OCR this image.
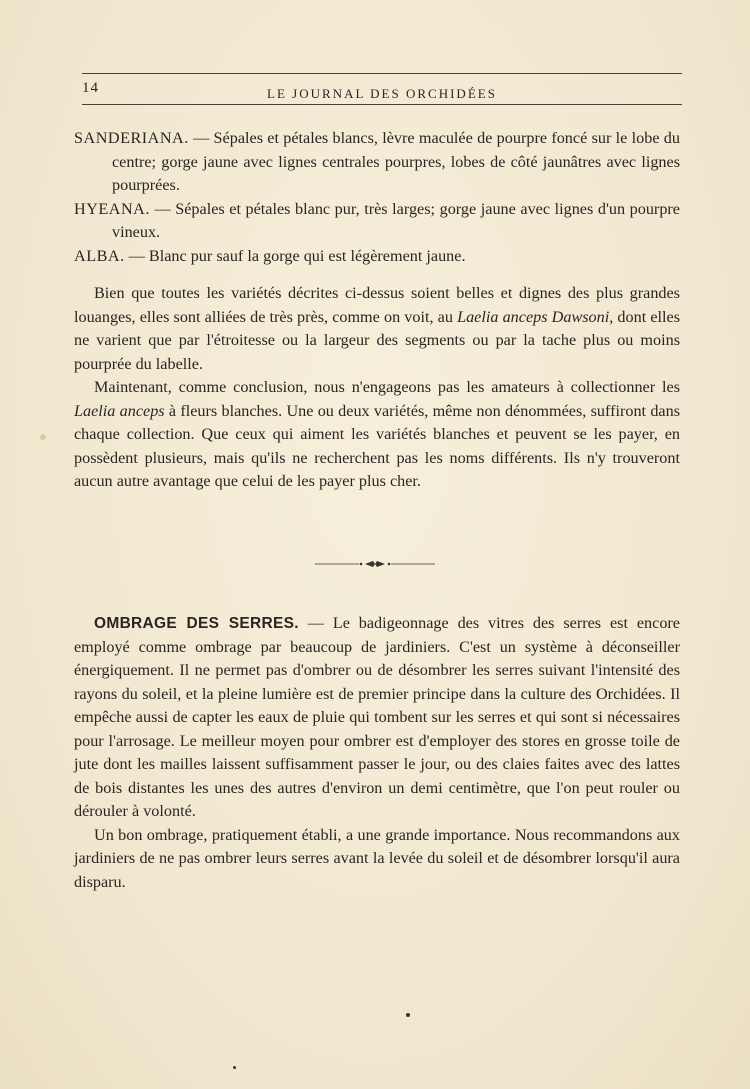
14	LE JOURNAL DES ORCHIDÉES

SANDERIANA. — Sépales et pétales blancs, lèvre maculée de pourpre foncé sur le lobe du centre; gorge jaune avec lignes centrales pourpres, lobes de côté jaunâtres avec lignes pourprées.

HYEANA. — Sépales et pétales blanc pur, très larges; gorge jaune avec lignes d'un pourpre vineux.

ALBA. — Blanc pur sauf la gorge qui est légèrement jaune.

Bien que toutes les variétés décrites ci-dessus soient belles et dignes des plus grandes louanges, elles sont alliées de très près, comme on voit, au Laelia anceps Dawsoni, dont elles ne varient que par l'étroitesse ou la largeur des segments ou par la tache plus ou moins pourprée du labelle.

Maintenant, comme conclusion, nous n'engageons pas les amateurs à collectionner les Laelia anceps à fleurs blanches. Une ou deux variétés, même non dénommées, suffiront dans chaque collection. Que ceux qui aiment les variétés blanches et peuvent se les payer, en possèdent plusieurs, mais qu'ils ne recherchent pas les noms différents. Ils n'y trouveront aucun autre avantage que celui de les payer plus cher.

OMBRAGE DES SERRES. — Le badigeonnage des vitres des serres est encore employé comme ombrage par beaucoup de jardiniers. C'est un système à déconseiller énergiquement. Il ne permet pas d'ombrer ou de désombrer les serres suivant l'intensité des rayons du soleil, et la pleine lumière est de premier principe dans la culture des Orchidées. Il empêche aussi de capter les eaux de pluie qui tombent sur les serres et qui sont si nécessaires pour l'arrosage. Le meilleur moyen pour ombrer est d'employer des stores en grosse toile de jute dont les mailles laissent suffisamment passer le jour, ou des claies faites avec des lattes de bois distantes les unes des autres d'environ un demi centimètre, que l'on peut rouler ou dérouler à volonté.

Un bon ombrage, pratiquement établi, a une grande importance. Nous recommandons aux jardiniers de ne pas ombrer leurs serres avant la levée du soleil et de désombrer lorsqu'il aura disparu.
